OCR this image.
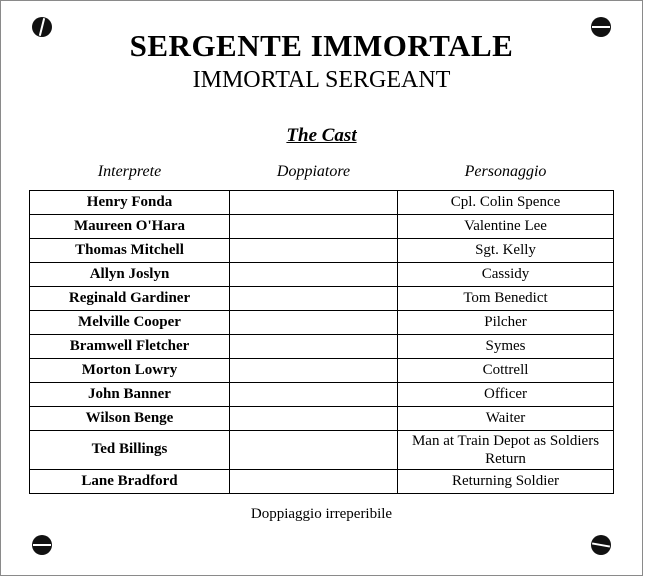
SERGENTE IMMORTALE
IMMORTAL SERGEANT
The Cast
Interprete	Doppiatore	Personaggio
Henry Fonda		Cpl. Colin Spence
Maureen O'Hara		Valentine Lee
Thomas Mitchell		Sgt. Kelly
Allyn Joslyn		Cassidy
Reginald Gardiner		Tom Benedict
Melville Cooper		Pilcher
Bramwell Fletcher		Symes
Morton Lowry		Cottrell
John Banner		Officer
Wilson Benge		Waiter
Ted Billings		Man at Train Depot as Soldiers Return
Lane Bradford		Returning Soldier
Doppiaggio irreperibile
